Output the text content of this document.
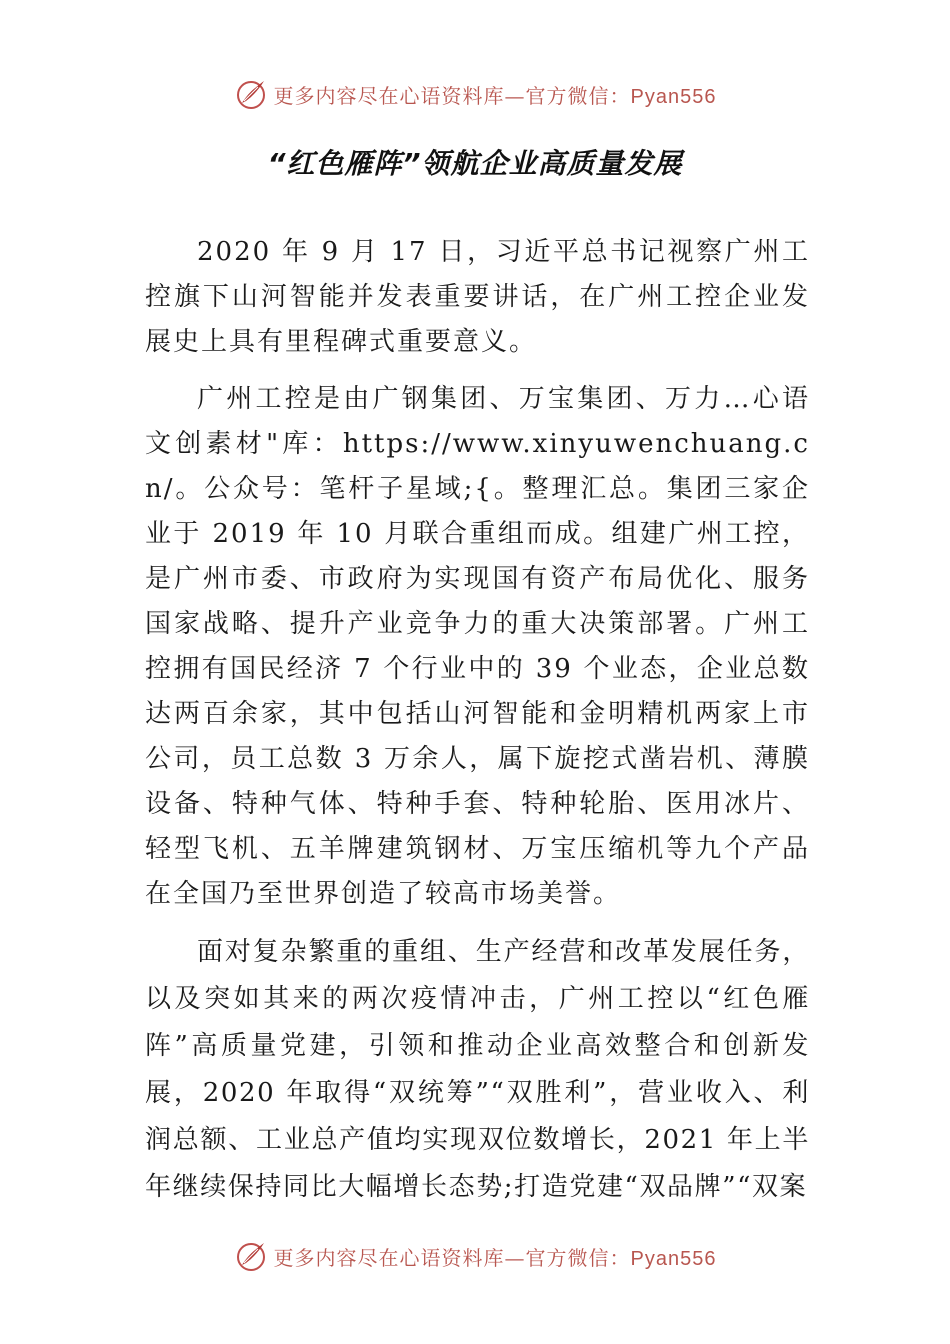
更多内容尽在心语资料库—官方微信：Pyan556
“红色雁阵”领航企业高质量发展

2020 年 9 月 17 日，习近平总书记视察广州工控旗下山河智能并发表重要讲话，在广州工控企业发展史上具有里程碑式重要意义。

广州工控是由广钢集团、万宝集团、万力…心语文创素材"库：https://www.xinyuwenchuang.cn/。公众号：笔杆子星域;{。整理汇总。集团三家企业于 2019 年 10 月联合重组而成。组建广州工控， 是广州市委、市政府为实现国有资产布局优化、服务国家战略、提升产业竞争力的重大决策部署。广州工控拥有国民经济 7 个行业中的 39 个业态，企业总数达两百余家，其中包括山河智能和金明精机两家上市公司，员工总数 3 万余人，属下旋挖式凿岩机、薄膜设备、特种气体、特种手套、特种轮胎、医用冰片、轻型飞机、五羊牌建筑钢材、万宝压缩机等九个产品在全国乃至世界创造了较高市场美誉。

面对复杂繁重的重组、生产经营和改革发展任务，以及突如其来的两次疫情冲击，广州工控以“红色雁阵”高质量党建，引领和推动企业高效整合和创新发展，2020 年取得“双统筹”“双胜利”，营业收入、利润总额、工业总产值均实现双位数增长，2021 年上半年继续保持同比大幅增长态势;打造党建“双品牌”“双案

更多内容尽在心语资料库—官方微信：Pyan556
